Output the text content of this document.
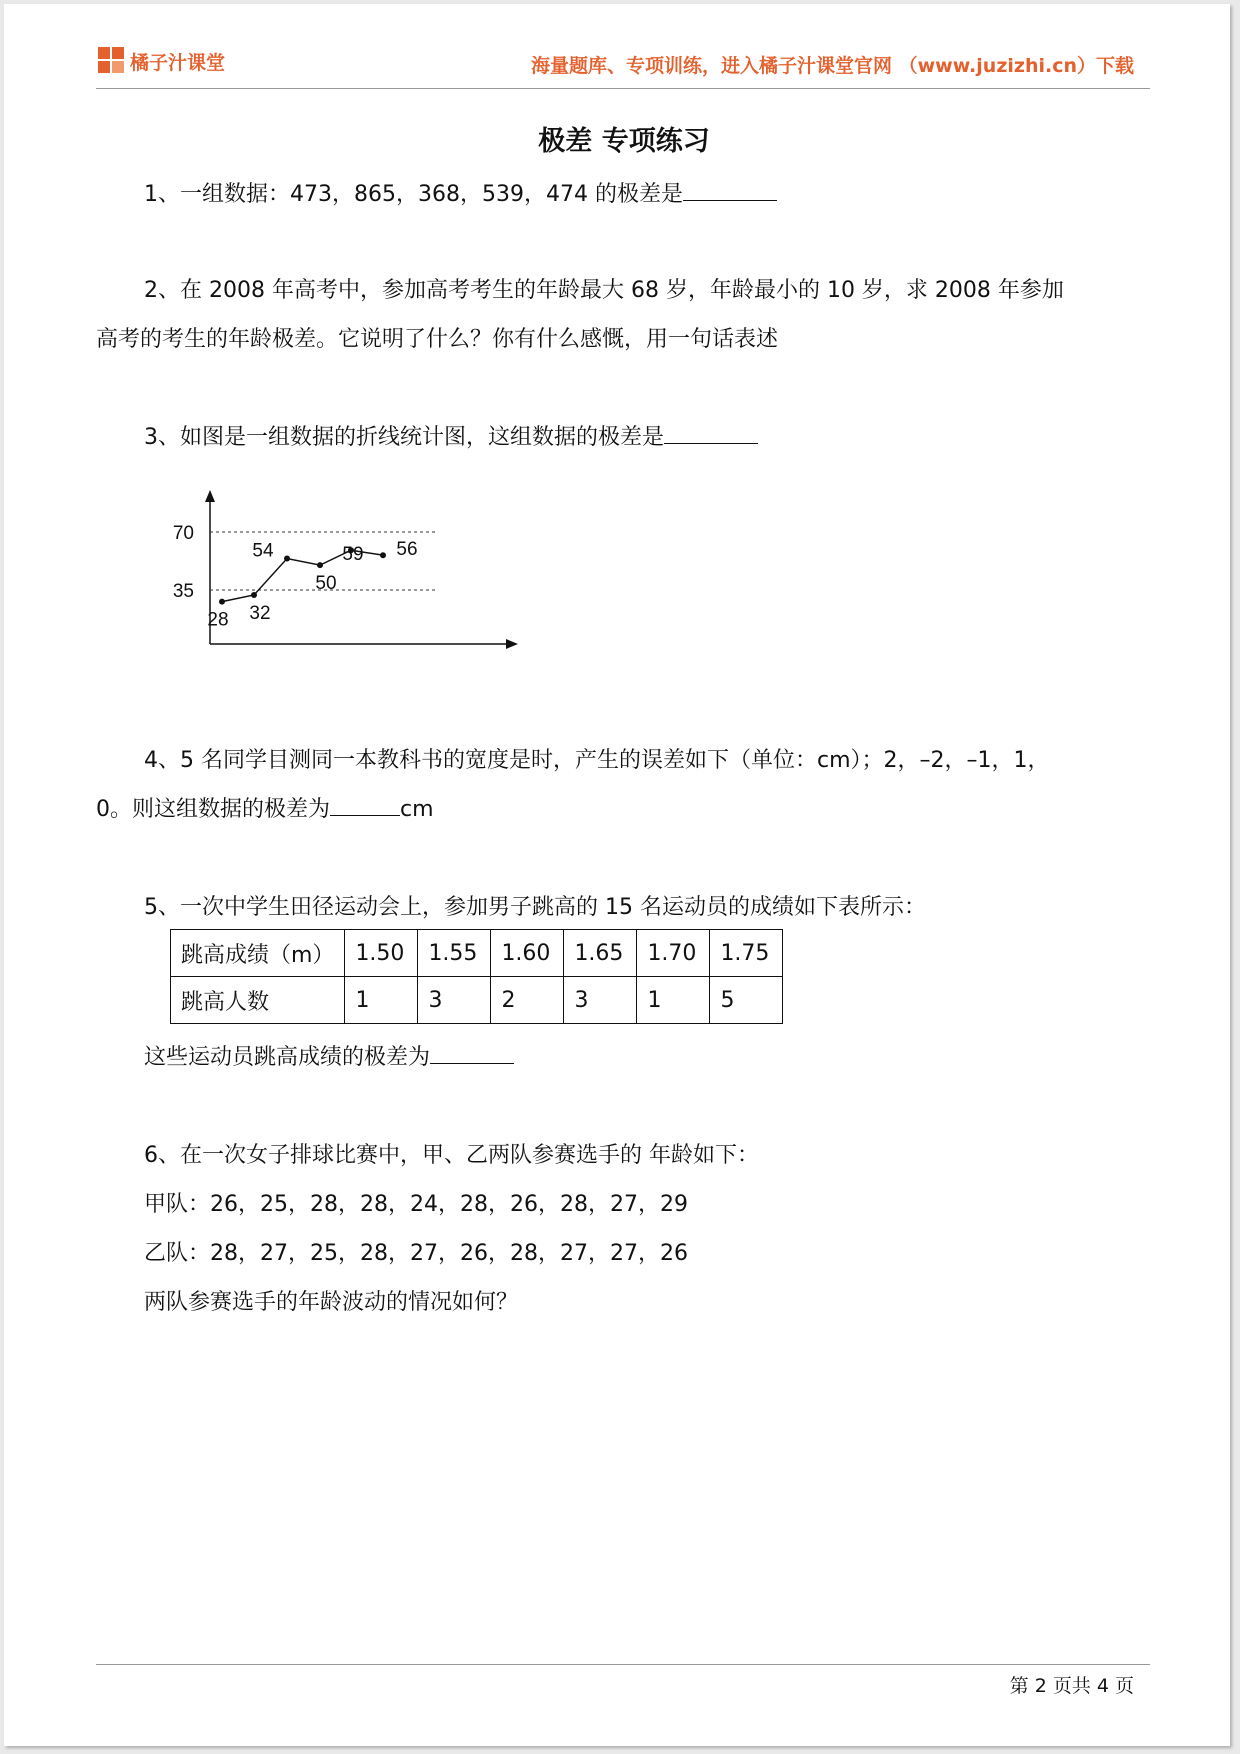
橘子汁课堂	海量题库、专项训练，进入橘子汁课堂官网 （www.juzizhi.cn）下载
极差 专项练习
1、一组数据：473，865，368，539，474 的极差是
2、在 2008 年高考中，参加高考考生的年龄最大 68 岁，年龄最小的 10 岁，求 2008 年参加
高考的考生的年龄极差。它说明了什么？你有什么感慨，用一句话表述
3、如图是一组数据的折线统计图，这组数据的极差是
28 32
54
50
59 56
70
35
4、5 名同学目测同一本教科书的宽度是时，产生的误差如下（单位：cm）；2，–2，–1，1，
0。则这组数据的极差为	cm
5、一次中学生田径运动会上，参加男子跳高的 15 名运动员的成绩如下表所示：
跳高成绩（m）	1.50	1.55	1.60	1.65	1.70	1.75
跳高人数	1	3	2	3	1	5
这些运动员跳高成绩的极差为
6、在一次女子排球比赛中，甲、乙两队参赛选手的 年龄如下：
甲队：26，25，28，28，24，28，26，28，27，29
乙队：28，27，25，28，27，26，28，27，27，26
两队参赛选手的年龄波动的情况如何？
第 2 页共 4 页
